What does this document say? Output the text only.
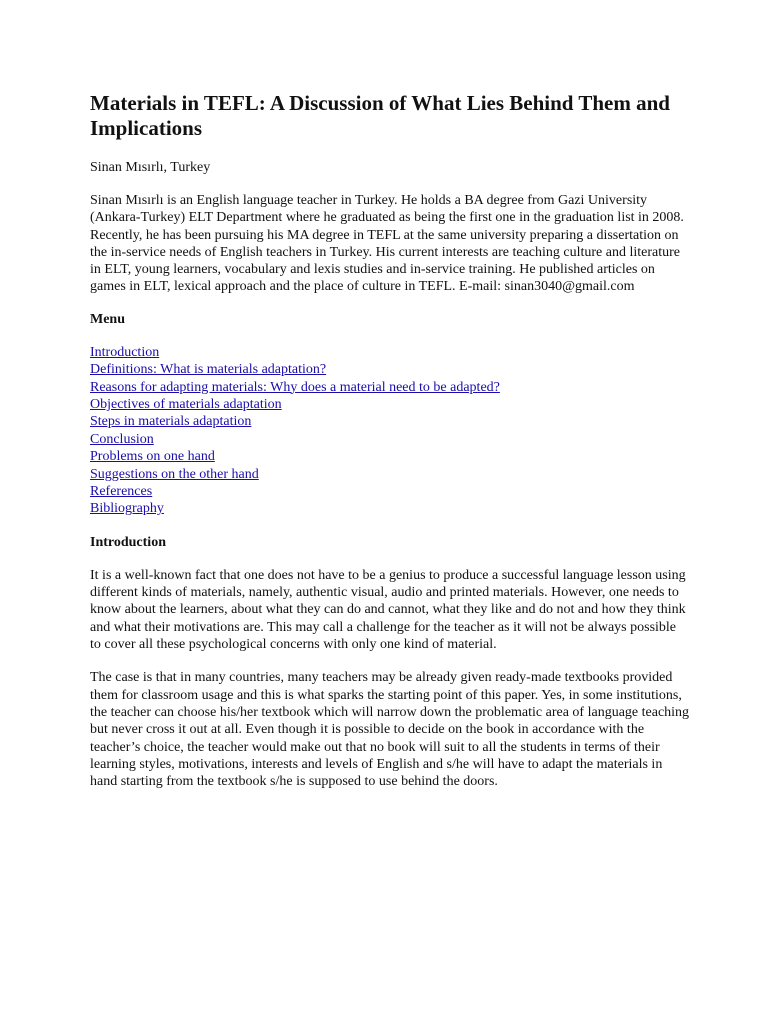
Materials in TEFL: A Discussion of What Lies Behind Them and Implications

Sinan Mısırlı, Turkey

Sinan Mısırlı is an English language teacher in Turkey. He holds a BA degree from Gazi University (Ankara-Turkey) ELT Department where he graduated as being the first one in the graduation list in 2008. Recently, he has been pursuing his MA degree in TEFL at the same university preparing a dissertation on the in-service needs of English teachers in Turkey. His current interests are teaching culture and literature in ELT, young learners, vocabulary and lexis studies and in-service training. He published articles on games in ELT, lexical approach and the place of culture in TEFL. E-mail: sinan3040@gmail.com

Menu

Introduction
Definitions: What is materials adaptation?
Reasons for adapting materials: Why does a material need to be adapted?
Objectives of materials adaptation
Steps in materials adaptation
Conclusion
Problems on one hand
Suggestions on the other hand
References
Bibliography

Introduction

It is a well-known fact that one does not have to be a genius to produce a successful language lesson using different kinds of materials, namely, authentic visual, audio and printed materials. However, one needs to know about the learners, about what they can do and cannot, what they like and do not and how they think and what their motivations are. This may call a challenge for the teacher as it will not be always possible to cover all these psychological concerns with only one kind of material.

The case is that in many countries, many teachers may be already given ready-made textbooks provided them for classroom usage and this is what sparks the starting point of this paper. Yes, in some institutions, the teacher can choose his/her textbook which will narrow down the problematic area of language teaching but never cross it out at all. Even though it is possible to decide on the book in accordance with the teacher’s choice, the teacher would make out that no book will suit to all the students in terms of their learning styles, motivations, interests and levels of English and s/he will have to adapt the materials in hand starting from the textbook s/he is supposed to use behind the doors.
